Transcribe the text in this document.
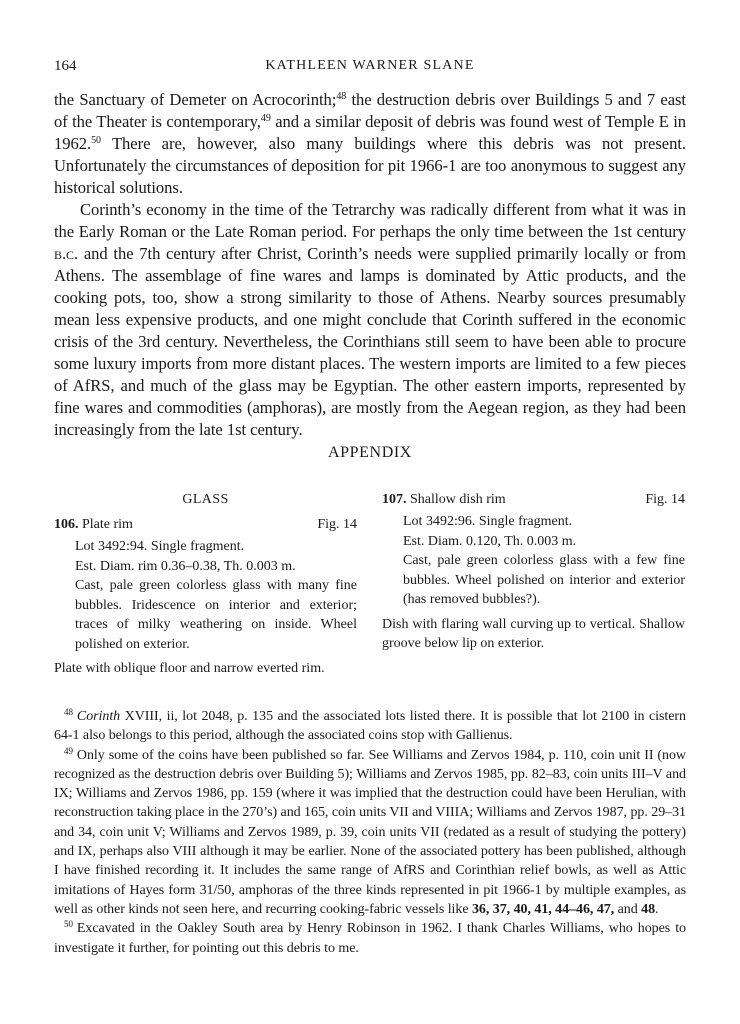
164	KATHLEEN WARNER SLANE

the Sanctuary of Demeter on Acrocorinth;$^{48}$ the destruction debris over Buildings 5 and 7 east of the Theater is contemporary,$^{49}$ and a similar deposit of debris was found west of Temple E in 1962.50 There are, however, also many buildings where this debris was not present. Unfortunately the circumstances of deposition for pit 1966-1 are too anonymous to suggest any historical solutions.

Corinth’s economy in the time of the Tetrarchy was radically different from what it was in the Early Roman or the Late Roman period. For perhaps the only time between the 1st century b.c. and the 7th century after Christ, Corinth’s needs were supplied primarily locally or from Athens. The assemblage of fine wares and lamps is dominated by Attic products, and the cooking pots, too, show a strong similarity to those of Athens. Nearby sources presumably mean less expensive products, and one might conclude that Corinth suffered in the economic crisis of the 3rd century. Nevertheless, the Corinthians still seem to have been able to procure some luxury imports from more distant places. The western imports are limited to a few pieces of AfRS, and much of the glass may be Egyptian. The other eastern imports, represented by fine wares and commodities (amphoras), are mostly from the Aegean region, as they had been increasingly from the late 1st century.

APPENDIX
GLASS
106. Plate rim	Fig. 14
Lot 3492:94. Single fragment.
Est. Diam. rim 0.36–0.38, Th. 0.003 m.
Cast, pale green colorless glass with many fine bubbles. Iridescence on interior and exterior; traces of milky weathering on inside. Wheel polished on exterior.
Plate with oblique floor and narrow everted rim.
107. Shallow dish rim	Fig. 14
Lot 3492:96. Single fragment.
Est. Diam. 0.120, Th. 0.003 m.
Cast, pale green colorless glass with a few fine bubbles. Wheel polished on interior and exterior (has removed bubbles?).
Dish with flaring wall curving up to vertical. Shallow groove below lip on exterior.

$^{48}$ Corinth XVIII, ii, lot 2048, p. 135 and the associated lots listed there. It is possible that lot 2100 in cistern 64-1 also belongs to this period, although the associated coins stop with Gallienus.

$^{49}$ Only some of the coins have been published so far. See Williams and Zervos 1984, p. 110, coin unit II (now recognized as the destruction debris over Building 5); Williams and Zervos 1985, pp. 82–83, coin units III–V and IX; Williams and Zervos 1986, pp. 159 (where it was implied that the destruction could have been Herulian, with reconstruction taking place in the 270’s) and 165, coin units VII and VIIIA; Williams and Zervos 1987, pp. 29–31 and 34, coin unit V; Williams and Zervos 1989, p. 39, coin units VII (redated as a result of studying the pottery) and IX, perhaps also VIII although it may be earlier. None of the associated pottery has been published, although I have finished recording it. It includes the same range of AfRS and Corinthian relief bowls, as well as Attic imitations of Hayes form 31/50, amphoras of the three kinds represented in pit 1966-1 by multiple examples, as well as other kinds not seen here, and recurring cooking-fabric vessels like 36, 37, 40, 41, 44–46, 47, and 48.

$^{50}$ Excavated in the Oakley South area by Henry Robinson in 1962. I thank Charles Williams, who hopes to investigate it further, for pointing out this debris to me.
